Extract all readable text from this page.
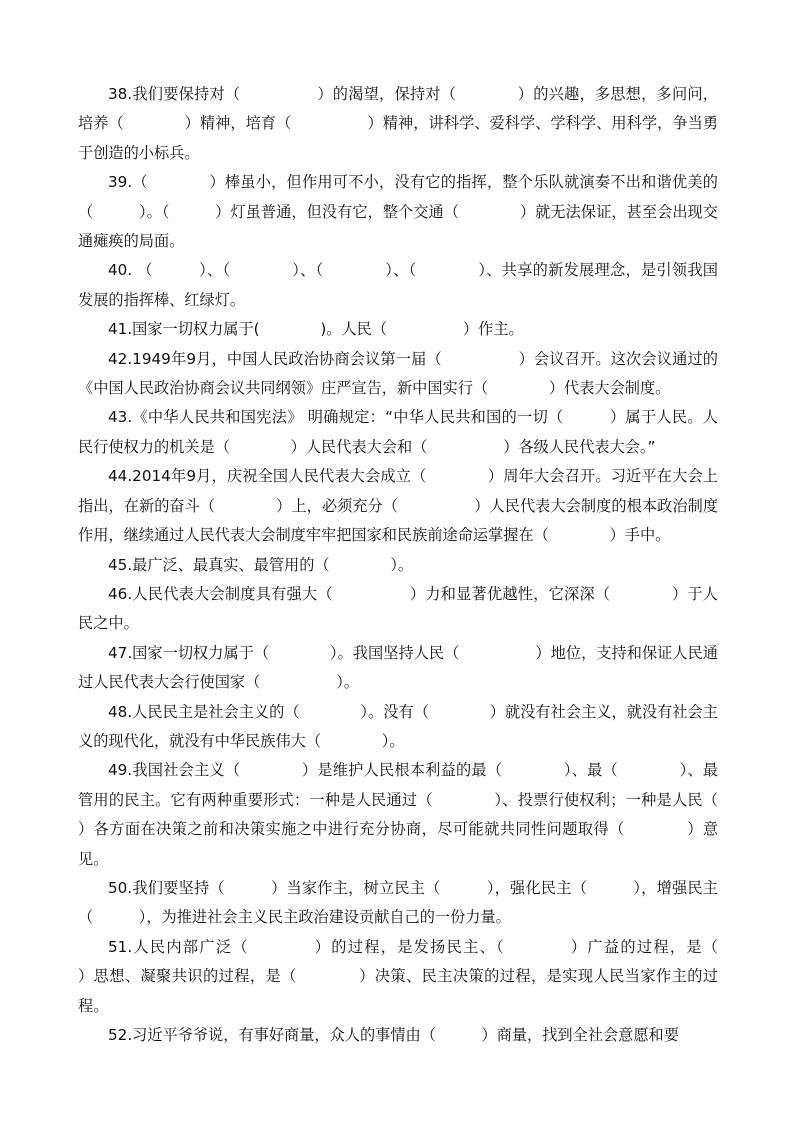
38.我们要保持对（　　　　　）的渴望，保持对（　　　　）的兴趣，多思想，多问问，培养（　　　　）精神，培育（　　　　　）精神，讲科学、爱科学、学科学、用科学，争当勇于创造的小标兵。

39.（　　　　）棒虽小，但作用可不小，没有它的指挥，整个乐队就演奏不出和谐优美的（　　　）。（　　　）灯虽普通，但没有它，整个交通（　　　　）就无法保证，甚至会出现交通瘫痪的局面。

40. （　　　）、（　　　　）、（　　　　）、（　　　　）、共享的新发展理念，是引领我国发展的指挥棒、红绿灯。

41.国家一切权力属于(　　　　)。人民（　　　　　）作主。

42.1949年9月，中国人民政治协商会议第一届（　　　　　）会议召开。这次会议通过的《中国人民政治协商会议共同纲领》庄严宣告，新中国实行（　　　　）代表大会制度。

43.《中华人民共和国宪法》 明确规定：“中华人民共和国的一切（　　　）属于人民。人民行使权力的机关是（　　　　）人民代表大会和（　　　　　）各级人民代表大会。”

44.2014年9月，庆祝全国人民代表大会成立（　　　　）周年大会召开。习近平在大会上指出，在新的奋斗（　　　　）上，必须充分（　　　　　）人民代表大会制度的根本政治制度作用，继续通过人民代表大会制度牢牢把国家和民族前途命运掌握在（　　　　）手中。

45.最广泛、最真实、最管用的（　　　　）。

46.人民代表大会制度具有强大（　　　　　）力和显著优越性，它深深（　　　　）于人民之中。

47.国家一切权力属于（　　　　）。我国坚持人民（　　　　　）地位，支持和保证人民通过人民代表大会行使国家（　　　　　）。

48.人民民主是社会主义的（　　　　）。没有（　　　　）就没有社会主义，就没有社会主义的现代化，就没有中华民族伟大（　　　　）。

49.我国社会主义（　　　　）是维护人民根本利益的最（　　　　）、最（　　　　）、最管用的民主。它有两种重要形式：一种是人民通过（　　　　）、投票行使权利；一种是人民（　　　　）各方面在决策之前和决策实施之中进行充分协商，尽可能就共同性问题取得（　　　　）意见。

50.我们要坚持（　　　）当家作主，树立民主（　　　），强化民主（　　　），增强民主（　　　），为推进社会主义民主政治建设贡献自己的一份力量。

51.人民内部广泛（　　　　）的过程，是发扬民主、（　　　　）广益的过程，是（　　　）思想、凝聚共识的过程，是（　　　　）决策、民主决策的过程，是实现人民当家作主的过程。

52.习近平爷爷说，有事好商量，众人的事情由（　　　）商量，找到全社会意愿和要
